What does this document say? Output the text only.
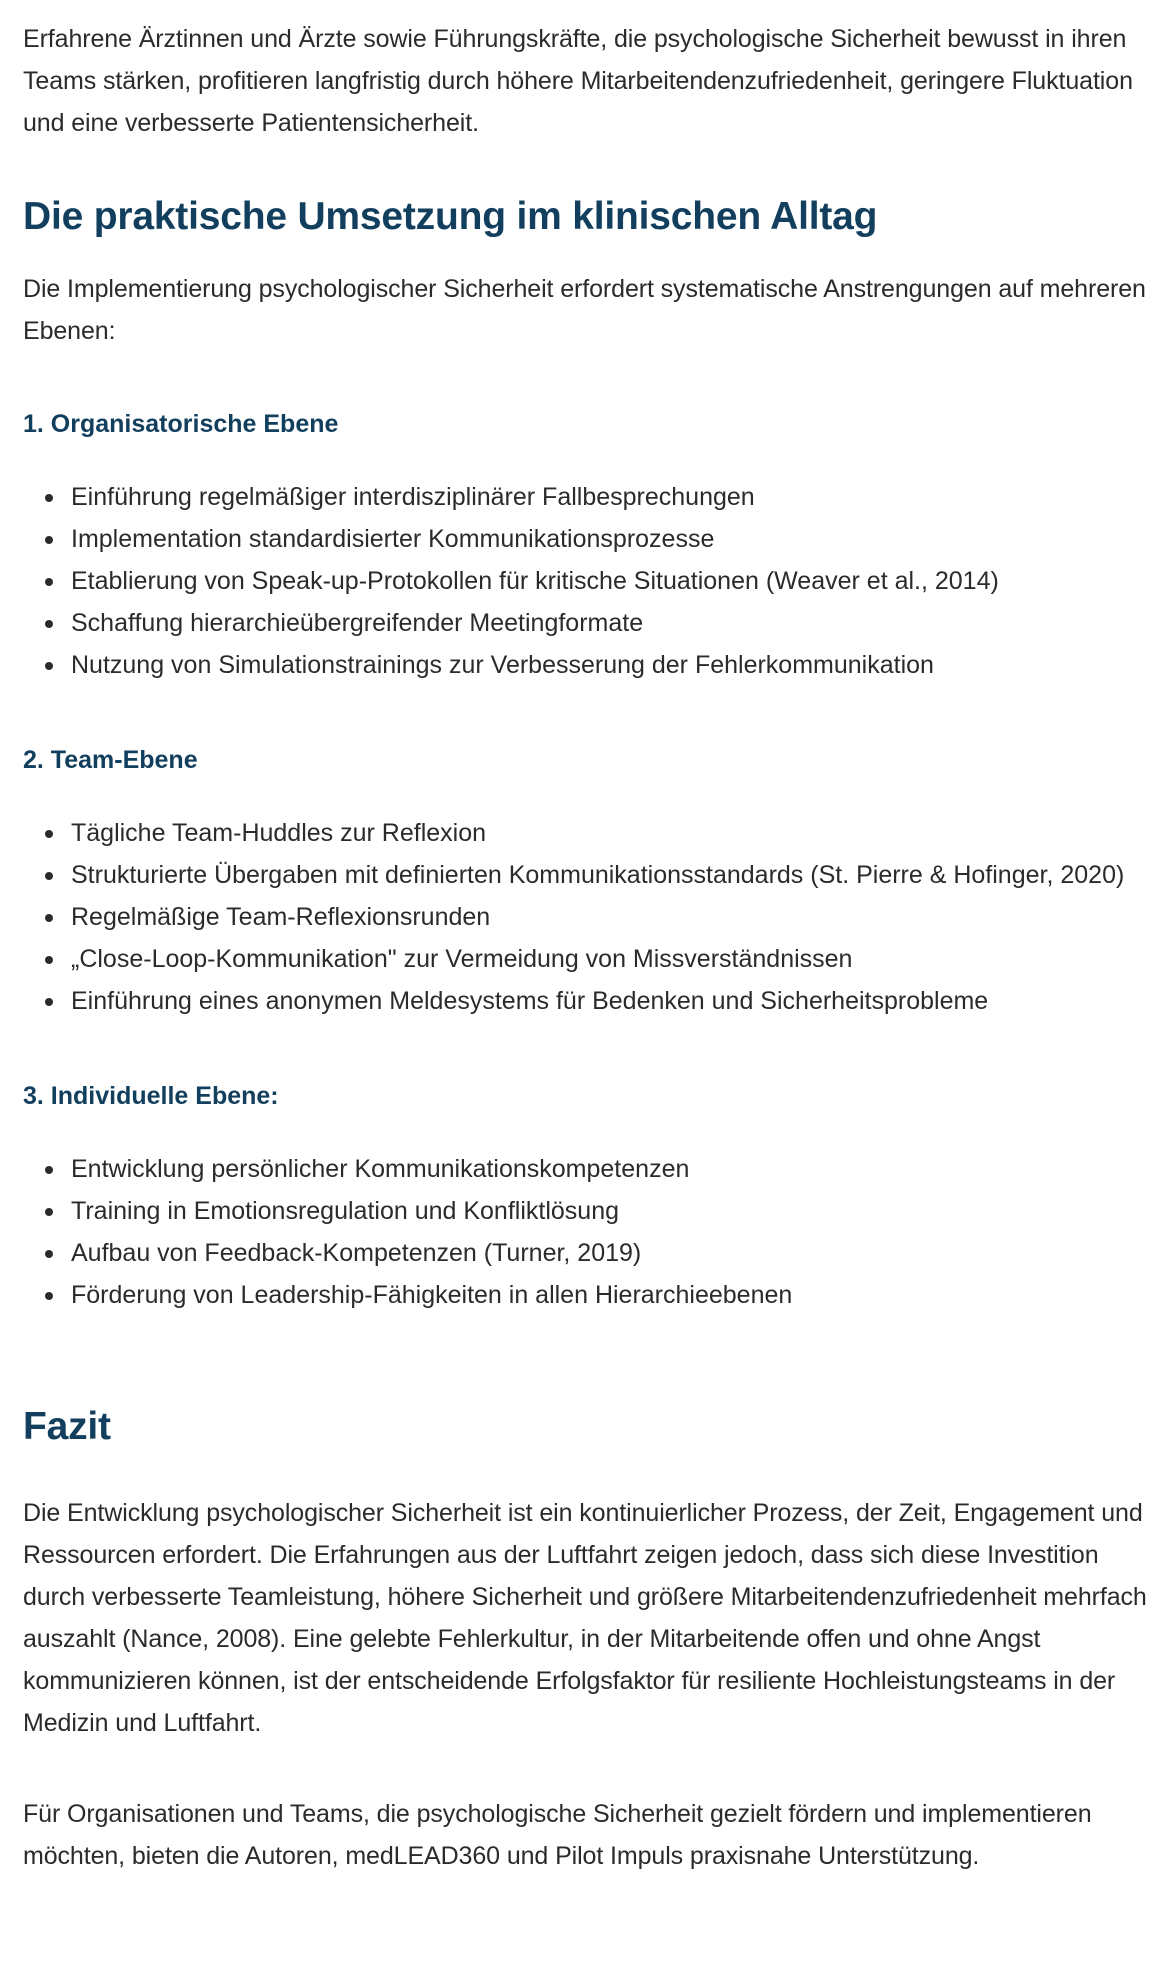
Erfahrene Ärztinnen und Ärzte sowie Führungskräfte, die psychologische Sicherheit bewusst in ihren Teams stärken, profitieren langfristig durch höhere Mitarbeitendenzufriedenheit, geringere Fluktuation und eine verbesserte Patientensicherheit.

Die praktische Umsetzung im klinischen Alltag

Die Implementierung psychologischer Sicherheit erfordert systematische Anstrengungen auf mehreren Ebenen:

1. Organisatorische Ebene
Einführung regelmäßiger interdisziplinärer Fallbesprechungen
Implementation standardisierter Kommunikationsprozesse
Etablierung von Speak-up-Protokollen für kritische Situationen (Weaver et al., 2014)
Schaffung hierarchieübergreifender Meetingformate
Nutzung von Simulationstrainings zur Verbesserung der Fehlerkommunikation
2. Team-Ebene
Tägliche Team-Huddles zur Reflexion
Strukturierte Übergaben mit definierten Kommunikationsstandards (St. Pierre & Hofinger, 2020)
Regelmäßige Team-Reflexionsrunden
„Close-Loop-Kommunikation" zur Vermeidung von Missverständnissen
Einführung eines anonymen Meldesystems für Bedenken und Sicherheitsprobleme
3. Individuelle Ebene:
Entwicklung persönlicher Kommunikationskompetenzen
Training in Emotionsregulation und Konfliktlösung
Aufbau von Feedback-Kompetenzen (Turner, 2019)
Förderung von Leadership-Fähigkeiten in allen Hierarchieebenen
Fazit

Die Entwicklung psychologischer Sicherheit ist ein kontinuierlicher Prozess, der Zeit, Engagement und Ressourcen erfordert. Die Erfahrungen aus der Luftfahrt zeigen jedoch, dass sich diese Investition durch verbesserte Teamleistung, höhere Sicherheit und größere Mitarbeitendenzufriedenheit mehrfach auszahlt (Nance, 2008). Eine gelebte Fehlerkultur, in der Mitarbeitende offen und ohne Angst kommunizieren können, ist der entscheidende Erfolgsfaktor für resiliente Hochleistungsteams in der Medizin und Luftfahrt.

Für Organisationen und Teams, die psychologische Sicherheit gezielt fördern und implementieren möchten, bieten die Autoren, medLEAD360 und Pilot Impuls praxisnahe Unterstützung.
